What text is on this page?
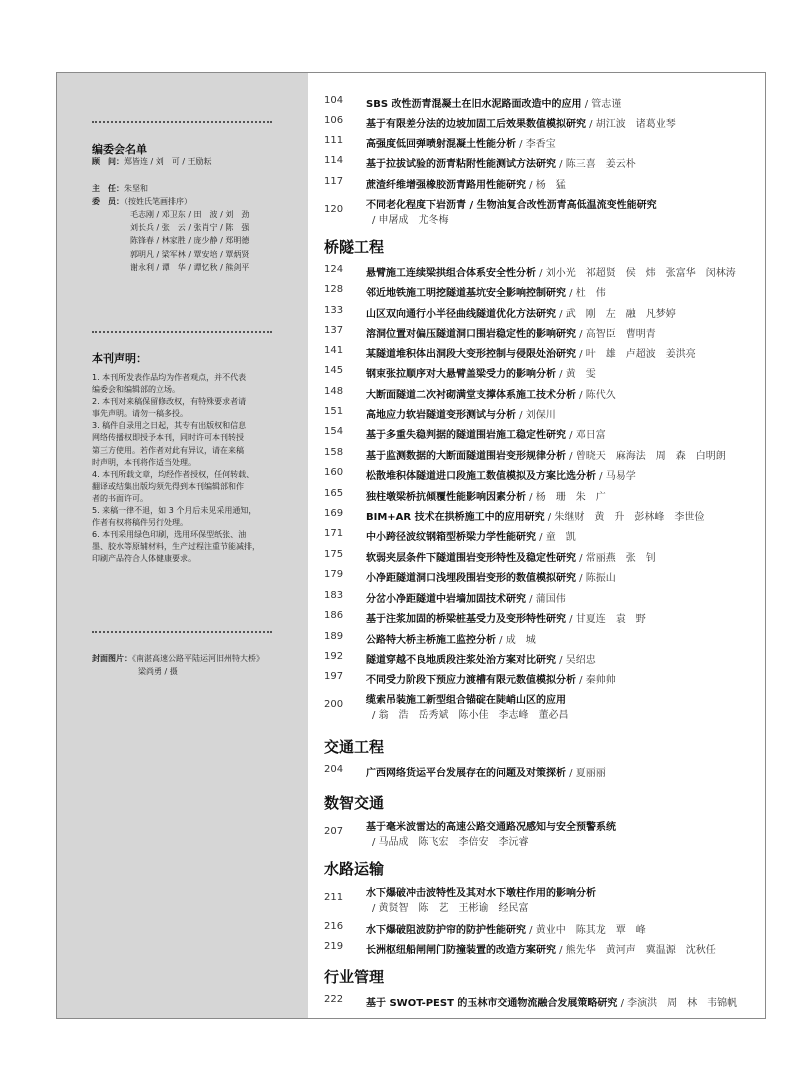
编委会名单
顾　问：郑皆连 / 刘　可 / 王励耘
主　任：朱坚和
委　员：（按姓氏笔画排序）
毛志刚 / 邓卫东 / 田　波 / 刘　劲
刘长兵 / 张　云 / 张肖宁 / 陈　强
陈锋春 / 林家胜 / 庞少静 / 郑明德
郭明凡 / 梁军林 / 覃安培 / 覃炳贤
谢永利 / 谭　华 / 谭忆秋 / 熊剑平
本刊声明：
1. 本刊所发表作品均为作者观点，并不代表
编委会和编辑部的立场。
2. 本刊对来稿保留修改权，有特殊要求者请
事先声明。请勿一稿多投。
3. 稿件自录用之日起，其专有出版权和信息
网络传播权即授予本刊，同时许可本刊转授
第三方使用。若作者对此有异议，请在来稿
时声明，本刊将作适当处理。
4. 本刊所载文章，均经作者授权，任何转载、
翻译或结集出版均须先得到本刊编辑部和作
者的书面许可。
5. 来稿一律不退，如 3 个月后未见采用通知，
作者有权将稿件另行处理。
6. 本刊采用绿色印刷，选用环保型纸张、油
墨、胶水等原辅材料，生产过程注重节能减排，
印刷产品符合人体健康要求。
封面图片：《南湛高速公路平陆运河旧州特大桥》
梁尚勇 / 摄
104	SBS 改性沥青混凝土在旧水泥路面改造中的应用 / 管志谨
106	基于有限差分法的边坡加固工后效果数值模拟研究 / 胡江波　诸葛业琴
111	高强度低回弹喷射混凝土性能分析 / 李香宝
114	基于拉拔试验的沥青粘附性能测试方法研究 / 陈三喜　姜云朴
117	蔗渣纤维增强橡胶沥青路用性能研究 / 杨　猛
120	不同老化程度下岩沥青 / 生物油复合改性沥青高低温流变性能研究
/ 申屠成　尤冬梅
桥隧工程
124	悬臂施工连续梁拱组合体系安全性分析 / 刘小光　祁超贤　侯　炜　张富华　闵林涛
128	邻近地铁施工明挖隧道基坑安全影响控制研究 / 杜　伟
133	山区双向通行小半径曲线隧道优化方法研究 / 武　刚　左　融　凡梦婷
137	溶洞位置对偏压隧道洞口围岩稳定性的影响研究 / 高智臣　曹明青
141	某隧道堆积体出洞段大变形控制与侵限处治研究 / 叶　雄　卢超波　姜洪亮
145	钢束张拉顺序对大悬臂盖梁受力的影响分析 / 黄　雯
148	大断面隧道二次衬砌满堂支撑体系施工技术分析 / 陈代久
151	高地应力软岩隧道变形测试与分析 / 刘保川
154	基于多重失稳判据的隧道围岩施工稳定性研究 / 邓日富
158	基于监测数据的大断面隧道围岩变形规律分析 / 曾晓天　麻海法　周　森　白明朗
160	松散堆积体隧道进口段施工数值模拟及方案比选分析 / 马易学
165	独柱墩梁桥抗倾覆性能影响因素分析 / 杨　珊　朱　广
169	BIM+AR 技术在拱桥施工中的应用研究 / 朱继财　黄　升　彭林峰　李世俭
171	中小跨径波纹钢箱型桥梁力学性能研究 / 童　凯
175	软弱夹层条件下隧道围岩变形特性及稳定性研究 / 常丽燕　张　钊
179	小净距隧道洞口浅埋段围岩变形的数值模拟研究 / 陈振山
183	分岔小净距隧道中岩墙加固技术研究 / 蒲国伟
186	基于注浆加固的桥梁桩基受力及变形特性研究 / 甘夏连　袁　野
189	公路特大桥主桥施工监控分析 / 成　城
192	隧道穿越不良地质段注浆处治方案对比研究 / 吴绍忠
197	不同受力阶段下预应力渡槽有限元数值模拟分析 / 秦帅帅
200	缆索吊装施工新型组合锚碇在陡峭山区的应用
/ 翁　浩　岳秀斌　陈小佳　李志峰　董必昌
交通工程
204	广西网络货运平台发展存在的问题及对策探析 / 夏丽丽
数智交通
207	基于毫米波雷达的高速公路交通路况感知与安全预警系统
/ 马品成　陈飞宏　李倍安　李沅睿
水路运输
211	水下爆破冲击波特性及其对水下墩柱作用的影响分析
/ 黄贤智　陈　艺　王彬谕　经民富
216	水下爆破阻波防护帘的防护性能研究 / 黄业中　陈其龙　覃　峰
219	长洲枢纽船闸闸门防撞装置的改造方案研究 / 熊先华　黄河声　冀温源　沈秋任
行业管理
222	基于 SWOT-PEST 的玉林市交通物流融合发展策略研究 / 李演洪　周　林　韦锦帆
